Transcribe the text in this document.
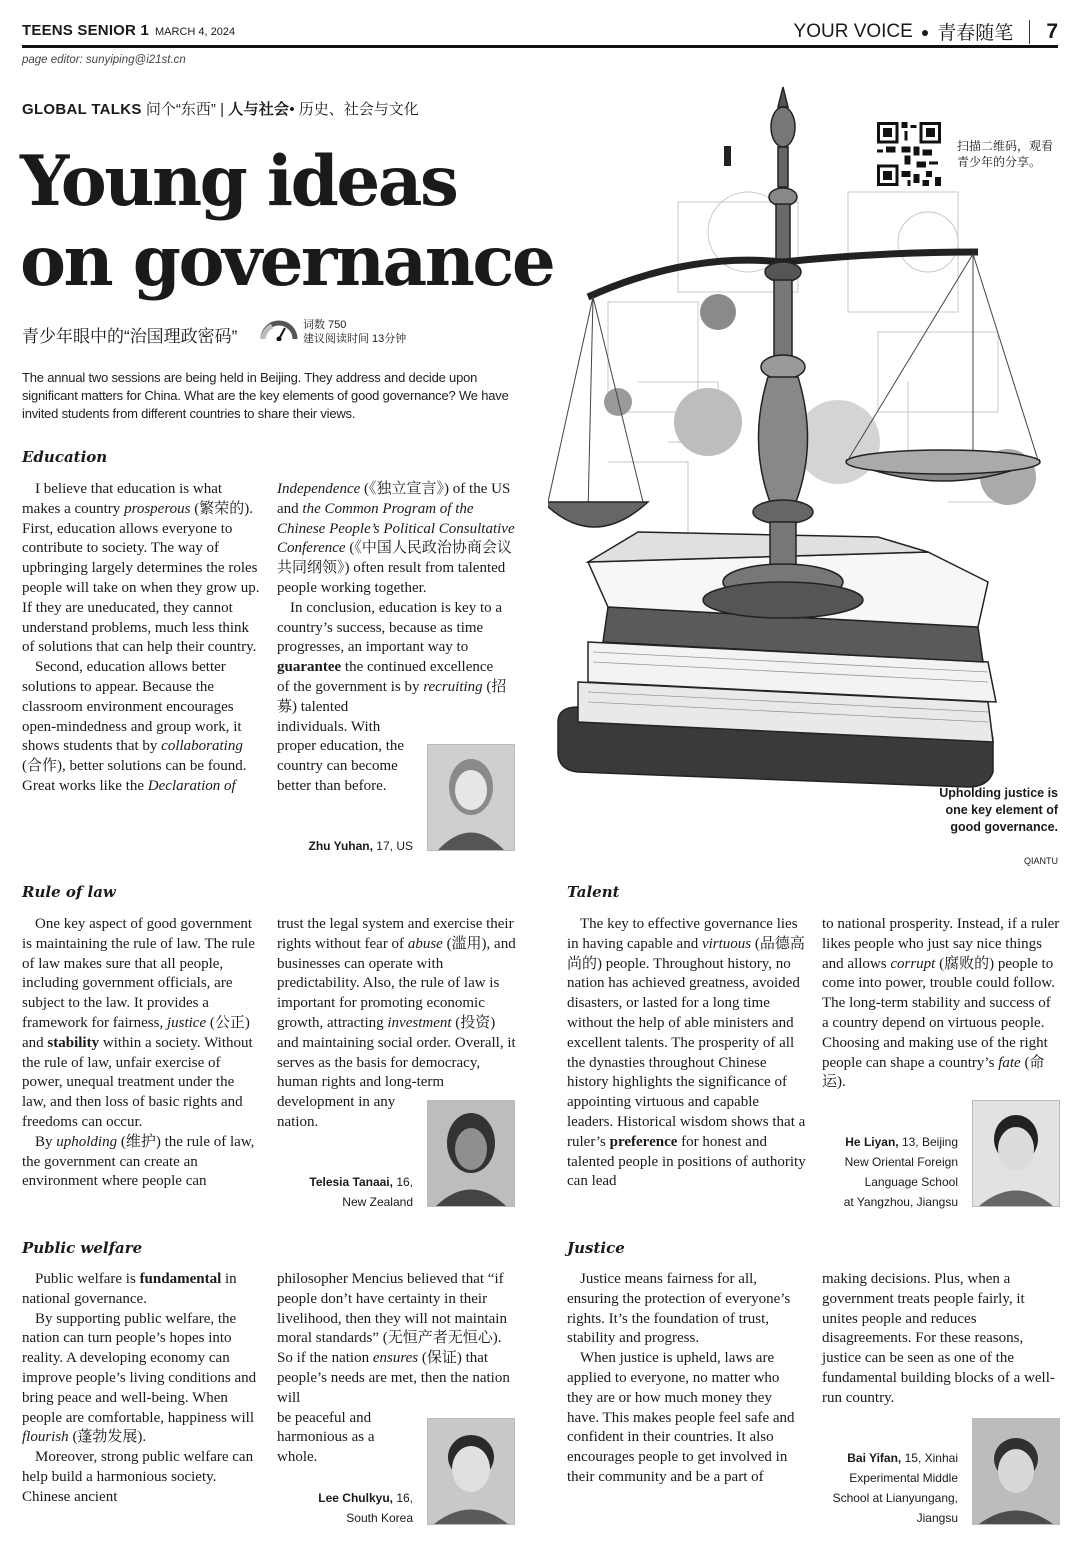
TEENS SENIOR 1 MARCH 4, 2024	YOUR VOICE ● 青春随笔 7
page editor: sunyiping@i21st.cn
GLOBAL TALKS 问个“东西” | 人与社会• 历史、社会与文化
Young ideas
on governance
青少年眼中的“治国理政密码”
词数 750
建议阅读时间 13分钟
The annual two sessions are being held in Beijing. They address and decide upon significant matters for China. What are the key elements of good governance? We have invited students from different countries to share their views.
扫描二维码，观看
青少年的分享。
Upholding justice is one key element of good governance.
QIANTU
Education

I believe that education is what makes a country prosperous (繁荣的). First, education allows everyone to contribute to society. The way of upbringing largely determines the roles people will take on when they grow up. If they are uneducated, they cannot understand problems, much less think of solutions that can help their country.

Second, education allows better solutions to appear. Because the classroom environment encourages open-mindedness and group work, it shows students that by collaborating (合作), better solutions can be found. Great works like the Declaration of

Independence (《独立宣言》) of the US and the Common Program of the Chinese People’s Political Consultative Conference (《中国人民政治协商会议共同纲领》) often result from talented people working together.

In conclusion, education is key to a country’s success, because as time progresses, an important way to guarantee the continued excellence of the government is by recruiting (招募) talented

individuals. With proper education, the country can become better than before.

Zhu Yuhan, 17, US
Rule of law

One key aspect of good government is maintaining the rule of law. The rule of law makes sure that all people, including government officials, are subject to the law. It provides a framework for fairness, justice (公正) and stability within a society. Without the rule of law, unfair exercise of power, unequal treatment under the law, and then loss of basic rights and freedoms can occur.

By upholding (维护) the rule of law, the government can create an environment where people can

trust the legal system and exercise their rights without fear of abuse (滥用), and businesses can operate with predictability. Also, the rule of law is important for promoting economic growth, attracting investment (投资) and maintaining social order. Overall, it serves as the basis for democracy, human rights and long-term

development in any nation.

Telesia Tanaai, 16,
New Zealand
Talent

The key to effective governance lies in having capable and virtuous (品德高尚的) people. Throughout history, no nation has achieved greatness, avoided disasters, or lasted for a long time without the help of able ministers and excellent talents. The prosperity of all the dynasties throughout Chinese history highlights the significance of appointing virtuous and capable leaders. Historical wisdom shows that a ruler’s preference for honest and talented people in positions of authority can lead

to national prosperity. Instead, if a ruler likes people who just say nice things and allows corrupt (腐败的) people to come into power, trouble could follow. The long-term stability and success of a country depend on virtuous people. Choosing and making use of the right people can shape a country’s fate (命运).

He Liyan, 13, Beijing
New Oriental Foreign
Language School
at Yangzhou, Jiangsu
Public welfare

Public welfare is fundamental in national governance.

By supporting public welfare, the nation can turn people’s hopes into reality. A developing economy can improve people’s living conditions and bring peace and well-being. When people are comfortable, happiness will flourish (蓬勃发展).

Moreover, strong public welfare can help build a harmonious society. Chinese ancient

philosopher Mencius believed that “if people don’t have certainty in their livelihood, then they will not maintain moral standards” (无恒产者无恒心). So if the nation ensures (保证) that people’s needs are met, then the nation will

be peaceful and harmonious as a whole.

Lee Chulkyu, 16,
South Korea
Justice

Justice means fairness for all, ensuring the protection of everyone’s rights. It’s the foundation of trust, stability and progress.

When justice is upheld, laws are applied to everyone, no matter who they are or how much money they have. This makes people feel safe and confident in their countries. It also encourages people to get involved in their community and be a part of

making decisions. Plus, when a government treats people fairly, it unites people and reduces disagreements. For these reasons, justice can be seen as one of the fundamental building blocks of a well-run country.

Bai Yifan, 15, Xinhai
Experimental Middle
School at Lianyungang,
Jiangsu
